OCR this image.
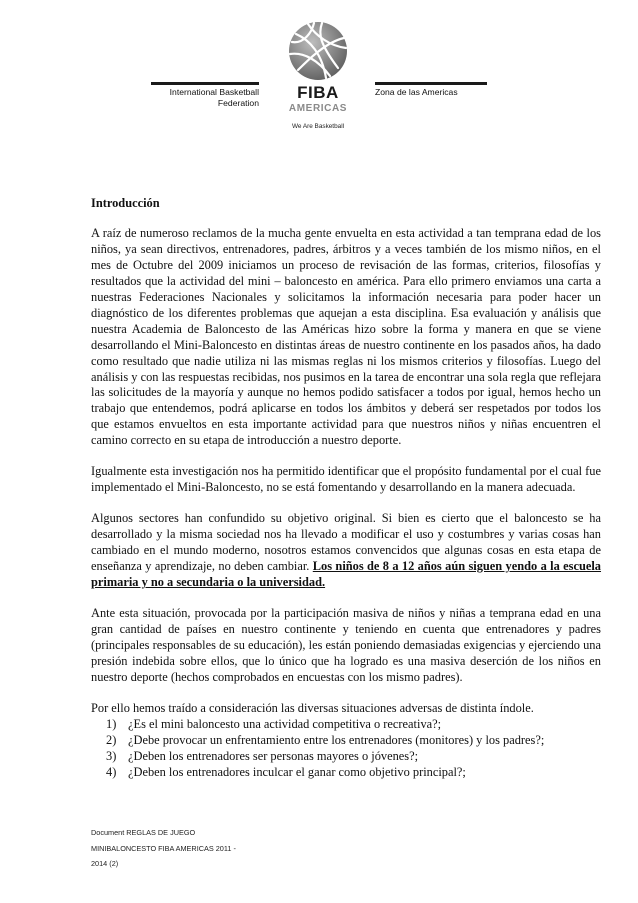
International Basketball
Federation
FIBA
AMERICAS
We Are Basketball
Zona de las Americas
Introducción
A raíz de numeroso reclamos de la mucha gente envuelta en esta actividad a tan temprana edad de los niños, ya sean directivos, entrenadores, padres, árbitros y a veces también de los mismo niños, en el mes de Octubre del 2009 iniciamos un proceso de revisación de las formas, criterios, filosofías y resultados que la actividad del mini – baloncesto en américa. Para ello primero enviamos una carta a nuestras Federaciones Nacionales y solicitamos la información necesaria para poder hacer un diagnóstico de los diferentes problemas que aquejan a esta disciplina. Esa evaluación y análisis que nuestra Academia de Baloncesto de las Américas hizo sobre la forma y manera en que se viene desarrollando el Mini-Baloncesto en distintas áreas de nuestro continente en los pasados años, ha dado como resultado que nadie utiliza ni las mismas reglas ni los mismos criterios y filosofías. Luego del análisis y con las respuestas recibidas, nos pusimos en la tarea de encontrar una sola regla que reflejara las solicitudes de la mayoría y aunque no hemos podido satisfacer a todos por igual, hemos hecho un trabajo que entendemos, podrá aplicarse en todos los ámbitos y deberá ser respetados por todos los que estamos envueltos en esta importante actividad para que nuestros niños y niñas encuentren el camino correcto en su etapa de introducción a nuestro deporte.
Igualmente esta investigación nos ha permitido identificar que el propósito fundamental por el cual fue implementado el Mini-Baloncesto, no se está fomentando y desarrollando en la manera adecuada.
Algunos sectores han confundido su objetivo original. Si bien es cierto que el baloncesto se ha desarrollado y la misma sociedad nos ha llevado a modificar el uso y costumbres y varias cosas han cambiado en el mundo moderno, nosotros estamos convencidos que algunas cosas en esta etapa de enseñanza y aprendizaje, no deben cambiar. Los niños de 8 a 12 años aún siguen yendo a la escuela primaria y no a secundaria o la universidad.
Ante esta situación, provocada por la participación masiva de niños y niñas a temprana edad en una gran cantidad de países en nuestro continente y teniendo en cuenta que entrenadores y padres (principales responsables de su educación), les están poniendo demasiadas exigencias y ejerciendo una presión indebida sobre ellos, que lo único que ha logrado es una masiva deserción de los niños en nuestro deporte (hechos comprobados en encuestas con los mismo padres).
Por ello hemos traído a consideración las diversas situaciones adversas de distinta índole.
1) ¿Es el mini baloncesto una actividad competitiva o recreativa?;
2) ¿Debe provocar un enfrentamiento entre los entrenadores (monitores) y los padres?;
3) ¿Deben los entrenadores ser personas mayores o jóvenes?;
4) ¿Deben los entrenadores inculcar el ganar como objetivo principal?;
Document REGLAS DE JUEGO
MINIBALONCESTO FIBA AMERICAS 2011 -
2014 (2)
